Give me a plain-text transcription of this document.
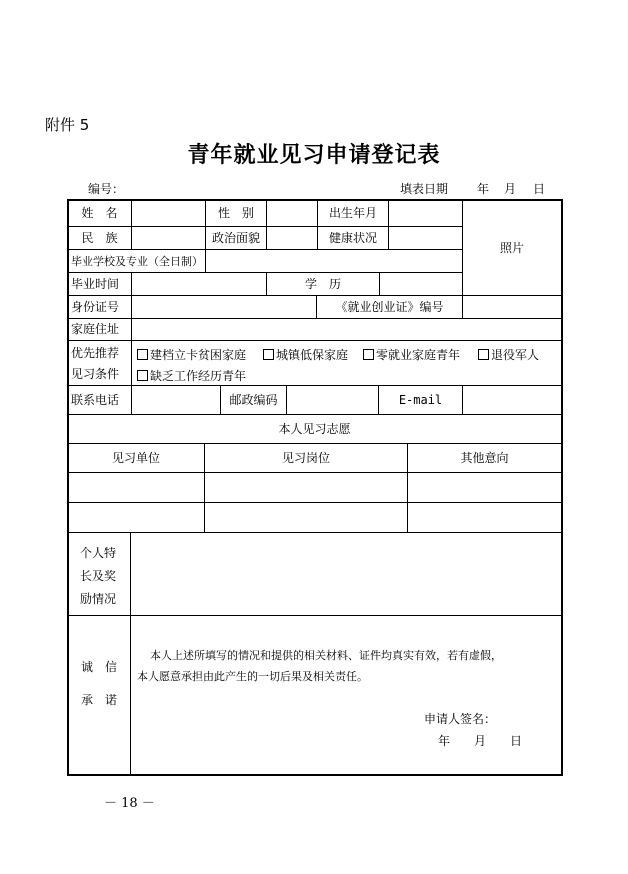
附件 5
青年就业见习申请登记表
编号：	填表日期 年 月 日
姓　名	性　别	出生年月
民　族	政治面貌	健康状况
照片
毕业学校及专业（全日制）
毕业时间	学　历
身份证号	《就业创业证》编号
家庭住址
优先推荐
见习条件
建档立卡贫困家庭	城镇低保家庭	零就业家庭青年	退役军人
缺乏工作经历青年
联系电话	邮政编码	E-mail
本人见习志愿
见习单位	见习岗位	其他意向
个人特
长及奖
励情况
诚　信
承　诺
本人上述所填写的情况和提供的相关材料、证件均真实有效，若有虚假，
本人愿意承担由此产生的一切后果及相关责任。
申请人签名：
年　　月　　日
－ 18 －
